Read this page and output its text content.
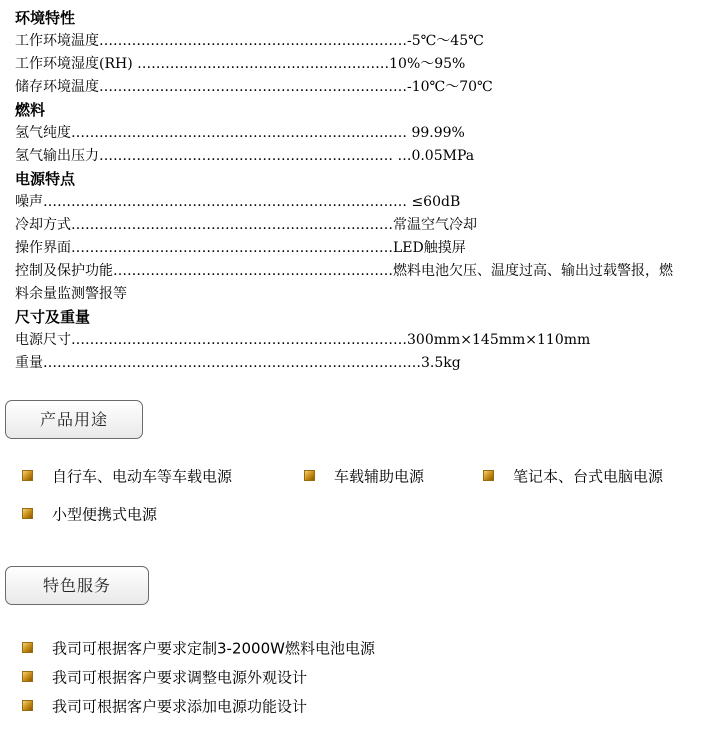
环境特性
工作环境温度…………………………………………………………-5℃～45℃
工作环境湿度(RH) ………………………………………………10%～95%
储存环境温度…………………………………………………………-10℃～70℃
燃料
氢气纯度……………………………………………………………… 99.99%
氢气输出压力……………………………………………………… …0.05MPa
电源特点
噪声…………………………………………………………………… ≤60dB
冷却方式……………………………………………………………常温空气冷却
操作界面……………………………………………………………LED触摸屏
控制及保护功能……………………………………………………燃料电池欠压、温度过高、输出过载警报，燃料余量监测警报等
尺寸及重量
电源尺寸………………………………………………………………300mm×145mm×110mm
重量………………………………………………………………………3.5kg
产品用途
自行车、电动车等车载电源	车载辅助电源	笔记本、台式电脑电源
小型便携式电源
特色服务
我司可根据客户要求定制3-2000W燃料电池电源
我司可根据客户要求调整电源外观设计
我司可根据客户要求添加电源功能设计
